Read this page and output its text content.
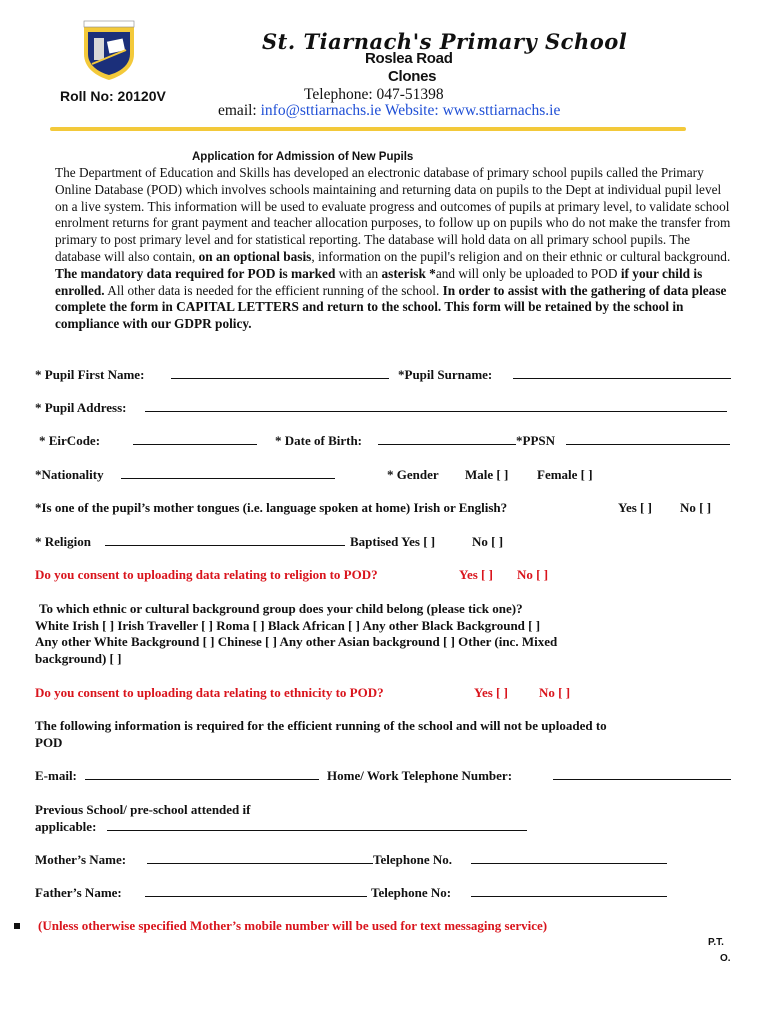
St. Tiarnach's Primary School
Roslea Road
Clones
Roll No: 20120V	Telephone: 047-51398
email: info@sttiarnachs.ie Website: www.sttiarnachs.ie
Application for Admission of New Pupils
The Department of Education and Skills has developed an electronic database of primary school pupils called the Primary Online Database (POD) which involves schools maintaining and returning data on pupils to the Dept at individual pupil level on a live system. This information will be used to evaluate progress and outcomes of pupils at primary level, to validate school enrolment returns for grant payment and teacher allocation purposes, to follow up on pupils who do not make the transfer from primary to post primary level and for statistical reporting. The database will hold data on all primary school pupils. The database will also contain, on an optional basis, information on the pupil's religion and on their ethnic or cultural background. The mandatory data required for POD is marked with an asterisk *and will only be uploaded to POD if your child is enrolled. All other data is needed for the efficient running of the school. In order to assist with the gathering of data please complete the form in CAPITAL LETTERS and return to the school. This form will be retained by the school in compliance with our GDPR policy.
* Pupil First Name:	*Pupil Surname:
* Pupil Address:
* EirCode:	* Date of Birth:	*PPSN
*Nationality	* Gender Male [ ] Female [ ]
*Is one of the pupil’s mother tongues (i.e. language spoken at home) Irish or English?	Yes [ ] No [ ]
* Religion	Baptised Yes [ ]	No [ ]
Do you consent to uploading data relating to religion to POD?	Yes [ ] No [ ]
To which ethnic or cultural background group does your child belong (please tick one)?
White Irish [ ] Irish Traveller [ ] Roma [ ] Black African [ ] Any other Black Background [ ]
Any other White Background [ ] Chinese [ ] Any other Asian background [ ] Other (inc. Mixed
background) [ ]
Do you consent to uploading data relating to ethnicity to POD?	Yes [ ] No [ ]
The following information is required for the efficient running of the school and will not be uploaded to
POD
E-mail:	Home/ Work Telephone Number:
Previous School/ pre-school attended if
applicable:
Mother’s Name:	Telephone No.
Father’s Name:	Telephone No:
(Unless otherwise specified Mother’s mobile number will be used for text messaging service)
P.T.
O.
